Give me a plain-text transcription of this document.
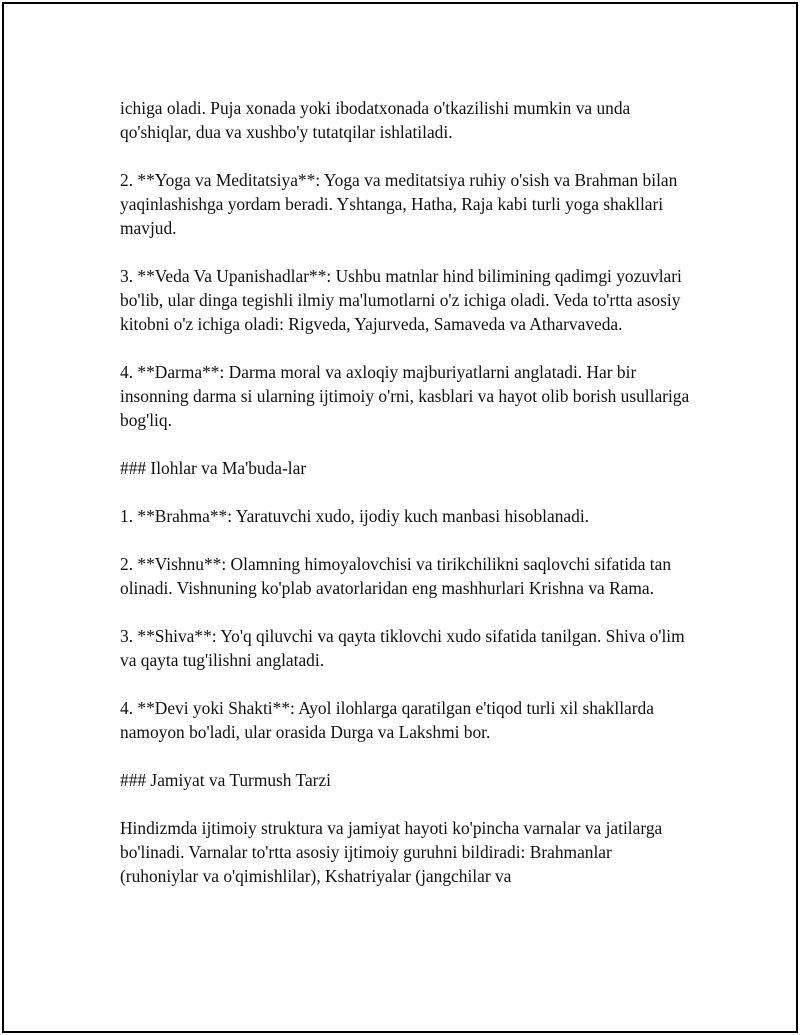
ichiga oladi. Puja xonada yoki ibodatxonada o'tkazilishi mumkin va unda qo'shiqlar, dua va xushbo'y tutatqilar ishlatiladi.

2. **Yoga va Meditatsiya**: Yoga va meditatsiya ruhiy o'sish va Brahman bilan yaqinlashishga yordam beradi. Yshtanga, Hatha, Raja kabi turli yoga shakllari mavjud.

3. **Veda Va Upanishadlar**: Ushbu matnlar hind bilimining qadimgi yozuvlari bo'lib, ular dinga tegishli ilmiy ma'lumotlarni o'z ichiga oladi. Veda to'rtta asosiy kitobni o'z ichiga oladi: Rigveda, Yajurveda, Samaveda va Atharvaveda.

4. **Darma**: Darma moral va axloqiy majburiyatlarni anglatadi. Har bir insonning darma si ularning ijtimoiy o'rni, kasblari va hayot olib borish usullariga bog'liq.

### Ilohlar va Ma'buda-lar

1. **Brahma**: Yaratuvchi xudo, ijodiy kuch manbasi hisoblanadi.

2. **Vishnu**: Olamning himoyalovchisi va tirikchilikni saqlovchi sifatida tan olinadi. Vishnuning ko'plab avatorlaridan eng mashhurlari Krishna va Rama.

3. **Shiva**: Yo'q qiluvchi va qayta tiklovchi xudo sifatida tanilgan. Shiva o'lim va qayta tug'ilishni anglatadi.

4. **Devi yoki Shakti**: Ayol ilohlarga qaratilgan e'tiqod turli xil shakllarda namoyon bo'ladi, ular orasida Durga va Lakshmi bor.

### Jamiyat va Turmush Tarzi

Hindizmda ijtimoiy struktura va jamiyat hayoti ko'pincha varnalar va jatilarga bo'linadi. Varnalar to'rtta asosiy ijtimoiy guruhni bildiradi: Brahmanlar (ruhoniylar va o'qimishlilar), Kshatriyalar (jangchilar va
